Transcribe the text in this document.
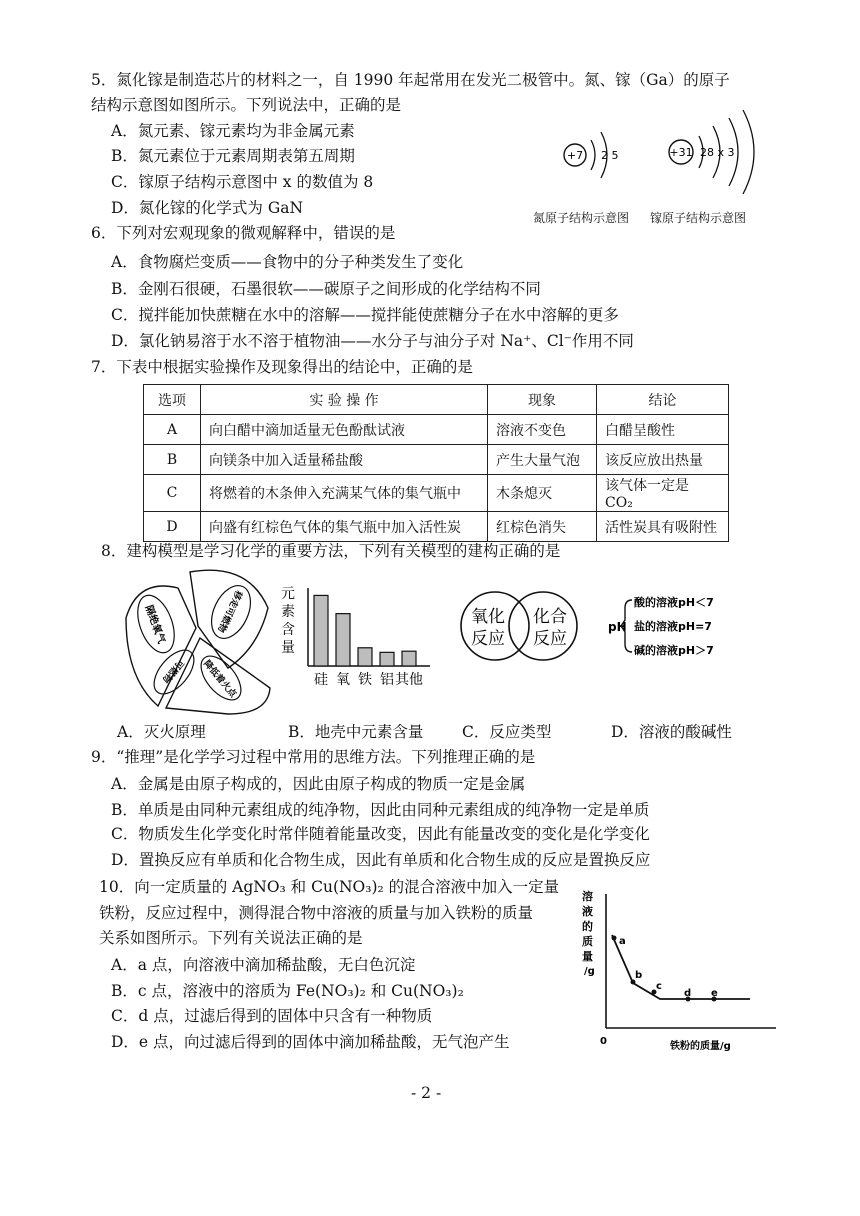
5．氮化镓是制造芯片的材料之一，自 1990 年起常用在发光二极管中。氮、镓（Ga）的原子
结构示意图如图所示。下列说法中，正确的是
A．氮元素、镓元素均为非金属元素
B．氮元素位于元素周期表第五周期
C．镓原子结构示意图中 x 的数值为 8
D．氮化镓的化学式为 GaN
+7 2 5	+31 28 x 3
氮原子结构示意图 镓原子结构示意图
6．下列对宏观现象的微观解释中，错误的是
A．食物腐烂变质——食物中的分子种类发生了变化
B．金刚石很硬，石墨很软——碳原子之间形成的化学结构不同
C．搅拌能加快蔗糖在水中的溶解——搅拌能使蔗糖分子在水中溶解的更多
D．氯化钠易溶于水不溶于植物油——水分子与油分子对 Na⁺、Cl⁻作用不同
7．下表中根据实验操作及现象得出的结论中，正确的是
选项	实 验 操 作	现象	结论
A	向白醋中滴加适量无色酚酞试液	溶液不变色	白醋呈酸性
B	向镁条中加入适量稀盐酸	产生大量气泡	该反应放出热量
C	将燃着的木条伸入充满某气体的集气瓶中	木条熄灭	该气体一定是 CO₂
D	向盛有红棕色气体的集气瓶中加入活性炭	红棕色消失	活性炭具有吸附性
8．建构模型是学习化学的重要方法，下列有关模型的建构正确的是
隔绝氧气	移走可燃物
可燃物 降低着火点
元
素
含
量
硅 氧 铁 铝 其他
氧化
反应
化合
反应
pH
酸的溶液pH＜7
盐的溶液pH=7
碱的溶液pH＞7
A．灭火原理	B．地壳中元素含量 C．反应类型	D．溶液的酸碱性
9．“推理”是化学学习过程中常用的思维方法。下列推理正确的是
A．金属是由原子构成的，因此由原子构成的物质一定是金属
B．单质是由同种元素组成的纯净物，因此由同种元素组成的纯净物一定是单质
C．物质发生化学变化时常伴随着能量改变，因此有能量改变的变化是化学变化
D．置换反应有单质和化合物生成，因此有单质和化合物生成的反应是置换反应
10．向一定质量的 AgNO₃ 和 Cu(NO₃)₂ 的混合溶液中加入一定量
铁粉，反应过程中，测得混合物中溶液的质量与加入铁粉的质量
关系如图所示。下列有关说法正确的是
A．a 点，向溶液中滴加稀盐酸，无白色沉淀
B．c 点，溶液中的溶质为 Fe(NO₃)₂ 和 Cu(NO₃)₂
C．d 点，过滤后得到的固体中只含有一种物质
D．e 点，向过滤后得到的固体中滴加稀盐酸，无气泡产生
溶
液
的
质
量
/g
0	铁粉的质量/g
a
b
c
d e
- 2 -
